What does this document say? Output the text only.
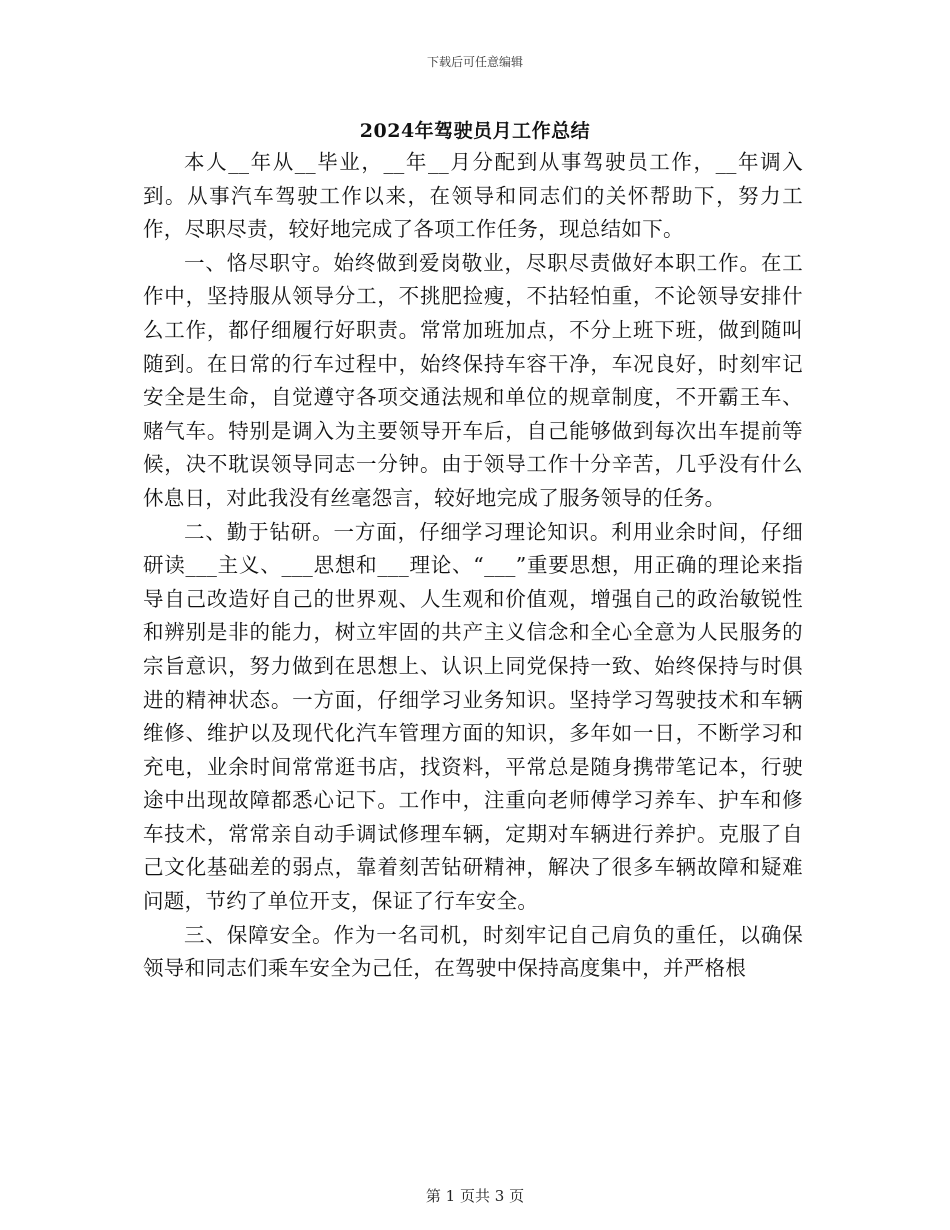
下载后可任意编辑
2024年驾驶员月工作总结

本人__年从__毕业，__年__月分配到从事驾驶员工作，__年调入到。从事汽车驾驶工作以来，在领导和同志们的关怀帮助下，努力工作，尽职尽责，较好地完成了各项工作任务，现总结如下。

一、恪尽职守。始终做到爱岗敬业，尽职尽责做好本职工作。在工作中，坚持服从领导分工，不挑肥捡瘦，不拈轻怕重，不论领导安排什么工作，都仔细履行好职责。常常加班加点，不分上班下班，做到随叫随到。在日常的行车过程中，始终保持车容干净，车况良好，时刻牢记安全是生命，自觉遵守各项交通法规和单位的规章制度，不开霸王车、赌气车。特别是调入为主要领导开车后，自己能够做到每次出车提前等候，决不耽误领导同志一分钟。由于领导工作十分辛苦，几乎没有什么休息日，对此我没有丝毫怨言，较好地完成了服务领导的任务。

二、勤于钻研。一方面，仔细学习理论知识。利用业余时间，仔细研读___主义、___思想和___理论、“___”重要思想，用正确的理论来指导自己改造好自己的世界观、人生观和价值观，增强自己的政治敏锐性和辨别是非的能力，树立牢固的共产主义信念和全心全意为人民服务的宗旨意识，努力做到在思想上、认识上同党保持一致、始终保持与时俱进的精神状态。一方面，仔细学习业务知识。坚持学习驾驶技术和车辆维修、维护以及现代化汽车管理方面的知识，多年如一日，不断学习和充电，业余时间常常逛书店，找资料，平常总是随身携带笔记本，行驶途中出现故障都悉心记下。工作中，注重向老师傅学习养车、护车和修车技术，常常亲自动手调试修理车辆，定期对车辆进行养护。克服了自己文化基础差的弱点，靠着刻苦钻研精神，解决了很多车辆故障和疑难问题，节约了单位开支，保证了行车安全。

三、保障安全。作为一名司机，时刻牢记自己肩负的重任，以确保领导和同志们乘车安全为己任，在驾驶中保持高度集中，并严格根

第 1 页共 3 页
